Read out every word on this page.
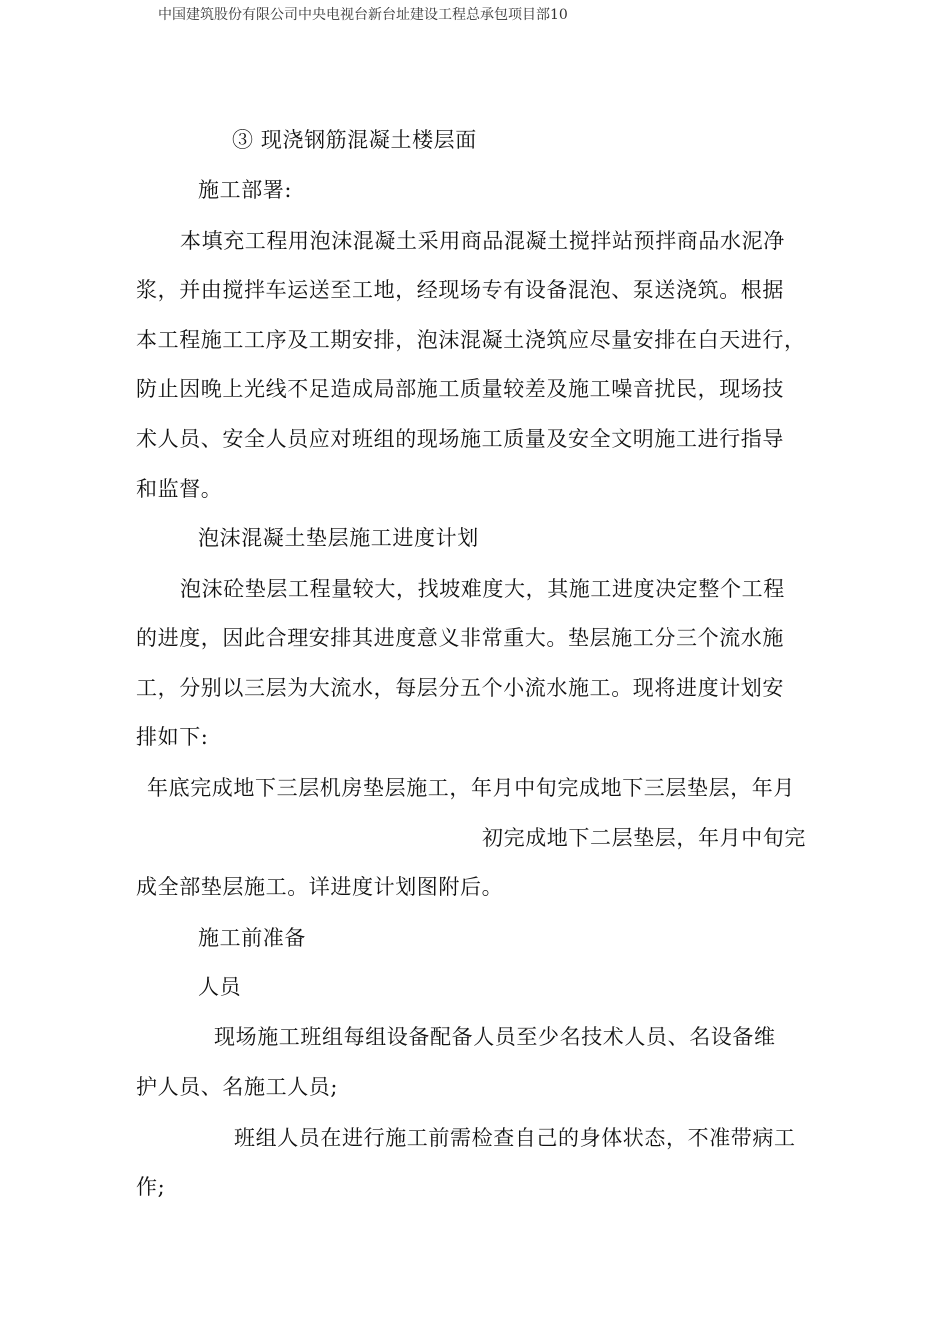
中国建筑股份有限公司中央电视台新台址建设工程总承包项目部10
③ 现浇钢筋混凝土楼层面
施工部署:
本填充工程用泡沫混凝土采用商品混凝土搅拌站预拌商品水泥净
浆，并由搅拌车运送至工地，经现场专有设备混泡、泵送浇筑。根据
本工程施工工序及工期安排，泡沫混凝土浇筑应尽量安排在白天进行，
防止因晚上光线不足造成局部施工质量较差及施工噪音扰民，现场技
术人员、安全人员应对班组的现场施工质量及安全文明施工进行指导
和监督。
泡沫混凝土垫层施工进度计划
泡沫砼垫层工程量较大，找坡难度大，其施工进度决定整个工程
的进度，因此合理安排其进度意义非常重大。垫层施工分三个流水施
工，分别以三层为大流水，每层分五个小流水施工。现将进度计划安
排如下:
年底完成地下三层机房垫层施工，年月中旬完成地下三层垫层，年月
初完成地下二层垫层，年月中旬完
成全部垫层施工。详进度计划图附后。
施工前准备
人员
现场施工班组每组设备配备人员至少名技术人员、名设备维
护人员、名施工人员;
班组人员在进行施工前需检查自己的身体状态，不准带病工
作;
